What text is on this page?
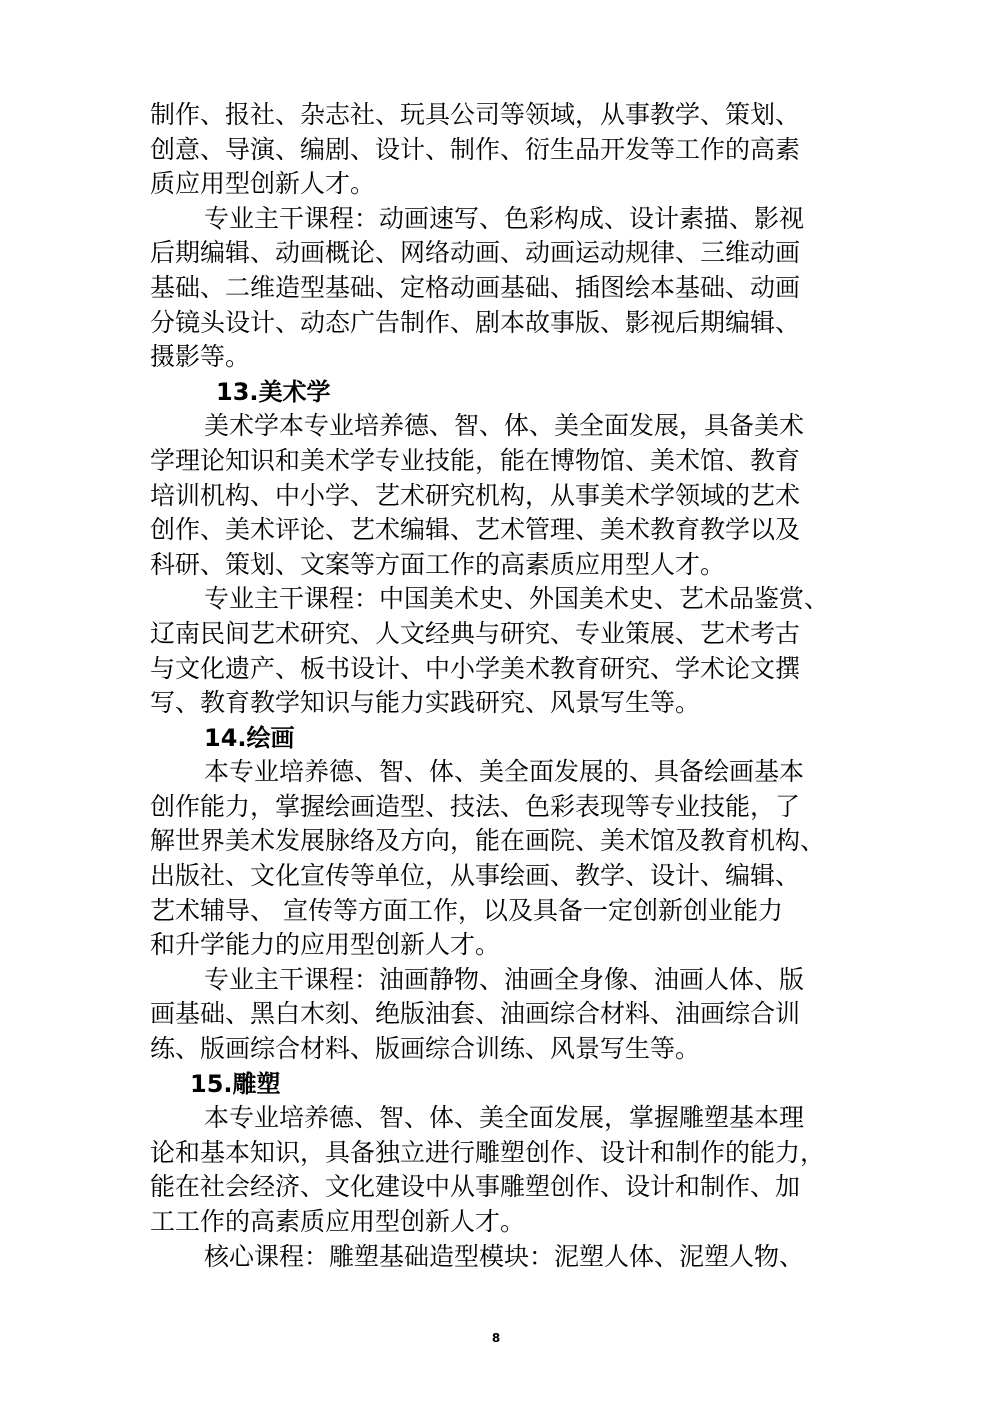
制作、报社、杂志社、玩具公司等领域，从事教学、策划、
创意、导演、编剧、设计、制作、衍生品开发等工作的高素
质应用型创新人才。
专业主干课程：动画速写、色彩构成、设计素描、影视
后期编辑、动画概论、网络动画、动画运动规律、三维动画
基础、二维造型基础、定格动画基础、插图绘本基础、动画
分镜头设计、动态广告制作、剧本故事版、影视后期编辑、
摄影等。
13.美术学
美术学本专业培养德、智、体、美全面发展，具备美术
学理论知识和美术学专业技能，能在博物馆、美术馆、教育
培训机构、中小学、艺术研究机构，从事美术学领域的艺术
创作、美术评论、艺术编辑、艺术管理、美术教育教学以及
科研、策划、文案等方面工作的高素质应用型人才。
专业主干课程：中国美术史、外国美术史、艺术品鉴赏、
辽南民间艺术研究、人文经典与研究、专业策展、艺术考古
与文化遗产、板书设计、中小学美术教育研究、学术论文撰
写、教育教学知识与能力实践研究、风景写生等。
14.绘画
本专业培养德、智、体、美全面发展的、具备绘画基本
创作能力，掌握绘画造型、技法、色彩表现等专业技能，了
解世界美术发展脉络及方向，能在画院、美术馆及教育机构、
出版社、文化宣传等单位，从事绘画、教学、设计、编辑、
艺术辅导、 宣传等方面工作，以及具备一定创新创业能力
和升学能力的应用型创新人才。
专业主干课程：油画静物、油画全身像、油画人体、版
画基础、黑白木刻、绝版油套、油画综合材料、油画综合训
练、版画综合材料、版画综合训练、风景写生等。
15.雕塑
本专业培养德、智、体、美全面发展，掌握雕塑基本理
论和基本知识，具备独立进行雕塑创作、设计和制作的能力，
能在社会经济、文化建设中从事雕塑创作、设计和制作、加
工工作的高素质应用型创新人才。
核心课程：雕塑基础造型模块：泥塑人体、泥塑人物、
8
